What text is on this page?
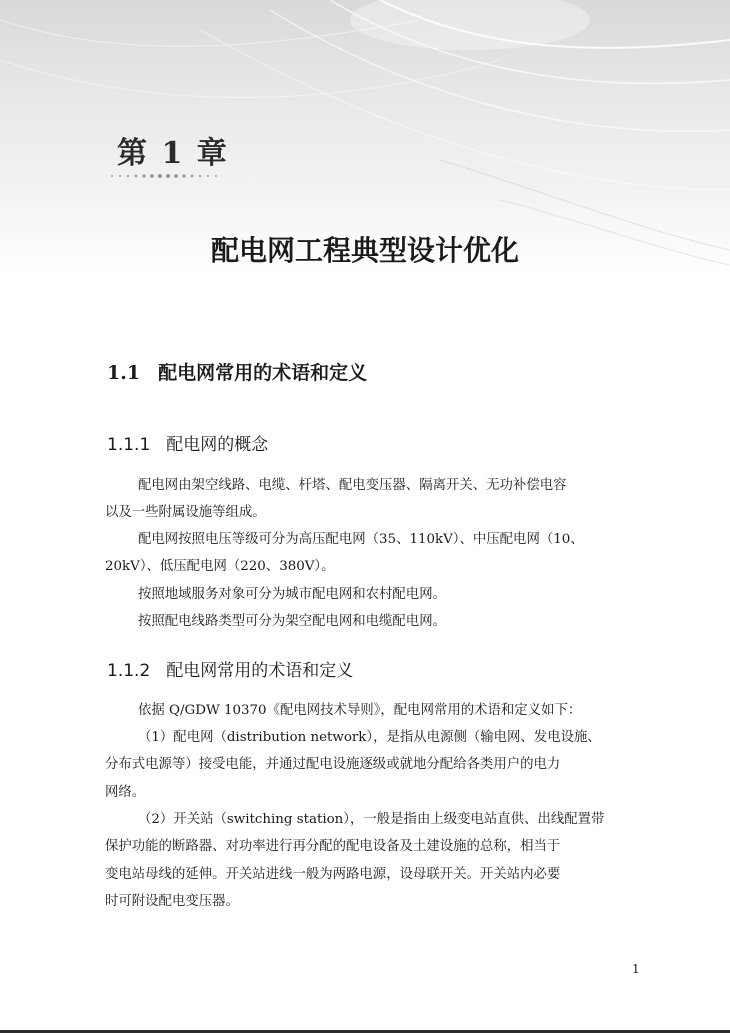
第 1 章
配电网工程典型设计优化
1.1 配电网常用的术语和定义
1.1.1 配电网的概念
配电网由架空线路、电缆、杆塔、配电变压器、隔离开关、无功补偿电容
以及一些附属设施等组成。
配电网按照电压等级可分为高压配电网（35、110kV）、中压配电网（10、
20kV）、低压配电网（220、380V）。
按照地域服务对象可分为城市配电网和农村配电网。
按照配电线路类型可分为架空配电网和电缆配电网。
1.1.2 配电网常用的术语和定义
依据 Q/GDW 10370《配电网技术导则》，配电网常用的术语和定义如下：
（1）配电网（distribution network），是指从电源侧（输电网、发电设施、
分布式电源等）接受电能，并通过配电设施逐级或就地分配给各类用户的电力
网络。
（2）开关站（switching station），一般是指由上级变电站直供、出线配置带
保护功能的断路器、对功率进行再分配的配电设备及土建设施的总称，相当于
变电站母线的延伸。开关站进线一般为两路电源，设母联开关。开关站内必要
时可附设配电变压器。
1
